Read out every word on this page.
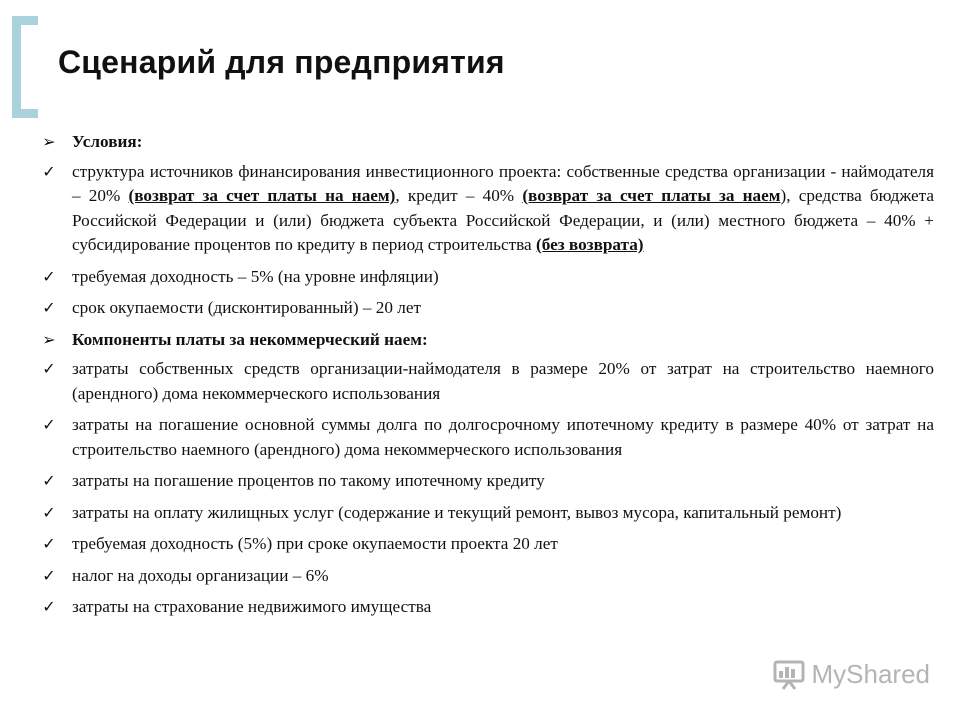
Сценарий для предприятия
➢ Условия:
✓ структура источников финансирования инвестиционного проекта: собственные средства организации - наймодателя – 20% (возврат за счет платы на наем), кредит – 40% (возврат за счет платы за наем), средства бюджета Российской Федерации и (или) бюджета субъекта Российской Федерации, и (или) местного бюджета – 40% + субсидирование процентов по кредиту в период строительства (без возврата)
✓ требуемая доходность – 5% (на уровне инфляции)
✓ срок окупаемости (дисконтированный) – 20 лет
➢ Компоненты платы за некоммерческий наем:
✓ затраты собственных средств организации-наймодателя в размере 20% от затрат на строительство наемного (арендного) дома некоммерческого использования
✓ затраты на погашение основной суммы долга по долгосрочному ипотечному кредиту в размере 40% от затрат на строительство наемного (арендного) дома некоммерческого использования
✓ затраты на погашение процентов по такому ипотечному кредиту
✓ затраты на оплату жилищных услуг (содержание и текущий ремонт, вывоз мусора, капитальный ремонт)
✓ требуемая доходность (5%) при сроке окупаемости проекта 20 лет
✓ налог на доходы организации – 6%
✓ затраты на страхование недвижимого имущества
MyShared
